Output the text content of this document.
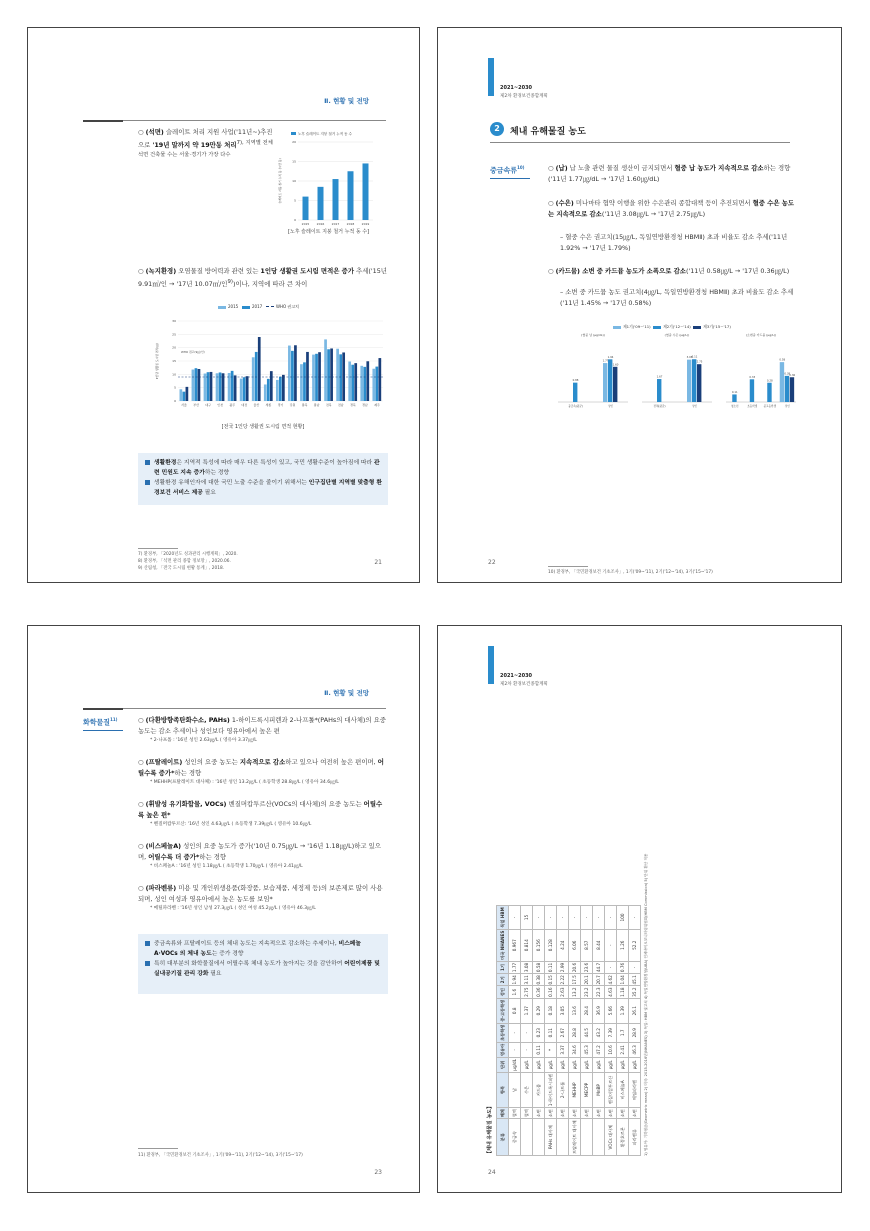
Ⅱ. 현황 및 전망
○ (석면) 슬레이트 처리 지원 사업('11년~)추진으로 '19년 말까지 약 19만동 처리$^{7), 지역별 전체 석면 건축물 수는 서울\cdot 경기가 가장 다수}$
노후 슬레이트 지붕 철거 누적 동 수
0
5
10
15
20
2015 2016 2017 2018 2019
슬레이트 지붕 철거 누적 동 수(만 동)
[노후 슬레이트 지붕 철거 누적 동 수]
○ (녹지환경) 오염물질 방어력과 관련 있는 1인당 생활권 도시림 면적은 증가 추세('15년 9.91㎡/인 → '17년 10.07㎡/인$^{9)}$)이나, 지역에 따라 큰 차이
2015	2017	WHO 권고치
0
5
10
15
20
25
30
서울 부산 대구 인천 광주 대전 울산 세종 경기 강원 충북 충남 전북 전남 경북 경남 제주
WHO 권고(9㎡/인)
1인당 생활권 도시림 면적(㎡)
[전국 1인당 생활권 도시림 면적 현황]
생활환경은 지역적 특성에 따라 매우 다른 특성이 있고, 국민 생활수준이 높아짐에 따라 관련 민원도 지속 증가하는 경향
생활환경 유해인자에 대한 국민 노출 수준을 줄이기 위해서는 인구집단별 지역별 맞춤형 환경보건 서비스 제공 필요
7) 환경부, 「2020년도 성과관리 시행계획」, 2020.
8) 환경부, 「석면 관리 종합 정보망」, 2020.06.
9) 산림청, 「전국 도시림 현황 통계」, 2018.
21
2021~2030
제2차 환경보건종합계획
2	체내 유해물질 농도
중금속류$^{10)}$	○ (납) 납 노출 관련 물질 생산이 금지되면서 혈중 납 농도가 지속적으로 감소하는 경향('11년 1.77㎍/dL → '17년 1.60㎍/dL)
○ (수은) 미나마타 협약 이행을 위한 수은관리 종합대책 등이 추진되면서 혈중 수은 농도는 지속적으로 감소('11년 3.08㎍/L → '17년 2.75㎍/L)
– 혈중 수은 권고치(15㎍/L, 독일연방환경청 HBMⅡ) 초과 비율도 감소 추세('11년 1.92% → '17년 1.79%)
○ (카드뮴) 소변 중 카드뮴 농도가 소폭으로 감소('11년 0.58㎍/L → '17년 0.36㎍/L)
– 소변 중 카드뮴 농도 권고치(4㎍/L, 독일연방환경청 HBMⅡ) 초과 비율도 감소 추세('11년 1.45% → '17년 0.58%)
제1기('09~'11)	제2기('12~'14)	제3기('15~'17)
(혈중 납 (μg/dL))
0.88
중금속(평균)
1.77
1.94
1.60
성인
(혈중 수은 (μg/L))
1.67
전체(평균)
3.08 3.11
2.75
성인
(소변중 카드뮴 (μg/L))
0.11
청소년
0.33
초등학생
0.28
중고등학생
0.58
0.38 0.36
성인
10) 환경부, 「국민환경보건 기초조사」, 1기('09~'11), 2기('12~'14), 3기('15~'17)
22
Ⅱ. 현황 및 전망
화학물질$^{11)}$	○ (다환방향족탄화수소, PAHs) 1-하이드록시피렌과 2-나프톨*(PAHs의 대사체)의 요중 농도는 감소 추세이나 성인보다 영유아에서 높은 편
* 2-나프톨 : '16년 성인 2.63㎍/L ( 영유아 3.37㎍/L
○ (프탈레이트) 성인의 요중 농도는 지속적으로 감소하고 있으나 여전히 높은 편이며, 어릴수록 증가*하는 경향
* MEHHP(프탈레이트 대사체) : '16년 성인 13.2㎍/L ( 초등학생 28.8㎍/L ( 영유아 34.6㎍/L
○ (휘발성 유기화합물, VOCs) 벤질머캅투르산(VOCs의 대사체)의 요중 농도는 어릴수록 높은 편*
* 벤질머캅투르산: '16년 성인 4.63㎍/L ( 초등학생 7.39㎍/L ( 영유아 10.6㎍/L
○ (비스페놀A) 성인의 요중 농도가 증가('10년 0.75㎍/L → '16년 1.18㎍/L)하고 있으며, 어릴수록 더 증가*하는 경향
* 비스페놀A : '16년 성인 1.18㎍/L ( 초등학생 1.70㎍/L ( 영유아 2.41㎍/L
○ (파라벤류) 미용 및 개인위생용품(화장품, 보습제품, 세정제 등)의 보존제로 많이 사용되며, 성인 여성과 영유아에서 높은 농도를 보임*
* 메틸파라벤 : '16년 성인 남성 27.3㎍/L ( 성인 여성 45.2㎍/L ( 영유아 46.3㎍/L
중금속류와 프탈레이트 등의 체내 농도는 지속적으로 감소하는 추세이나, 비스페놀A·VOCs 의 체내 농도는 증가 경향
특히 대부분의 화학물질에서 어릴수록 체내 농도가 높아지는 것을 감안하여 어린이제품 및 실내공기질 관리 강화 필요
11) 환경부, 「국민환경보건 기초조사」, 1기('09~'11), 2기('12~'14), 3기('15~'17)
23
2021~2030
제2차 환경보건종합계획
【체내 유해물질 농도】 분류	매체	항목	단위	영유아	초등학생	중·고등학생	성인	2기	1기	미국 NHANES	독일 HBM
중금속	혈액	납	μg/dL	-	-	0.8	1.6	1.94	1.77	0.967	-
	혈액	수은	μg/L	-	-	1.37	2.75	3.11	3.08	0.814	15
	소변	카드뮴	μg/L	0.11	0.23	0.29	0.36	0.38	0.58	0.156	-
PAHs 대사체	소변	1-하이드록시피렌	μg/L	*	0.11	0.18	0.16	0.15	0.11	0.128	-
	소변	2-나프톨	μg/L	3.37	2.67	3.05	2.63	2.22	2.99	4.24	-
프탈레이트 대사체	소변	MEHHP	μg/L	34.6	28.8	13.6	13.2	17.5	20.6	6.06	-
	소변	MECPP	μg/L	45.3	44.5	28.4	23.2	20.1	23.6	8.57	-
	소변	MnBP	μg/L	47.2	43.2	36.9	22.3	20.7	44.7	8.44	-
VOCs 대사체	소변	벤질머캅투르산	μg/L	10.6	7.39	5.66	4.63	4.62	-	-	-
환경호르몬	소변	비스페놀A	μg/L	2.41	1.7	1.39	1.18	1.04	0.76	1.26	100
파라벤류	소변	메틸파라벤	μg/L	46.3	28.9	26.1	35.2	45.1	-	52.2	- 1) 영유아: 기하평균(Geometric mean) 2) 미국: 2015-2016년(NHANES) 3) 독일: HBM 권고치 4) 독일연방환경청(UBA) 인체바이오모니터링위원회(HBM Commission) 5) 단위 환산 적용
24
